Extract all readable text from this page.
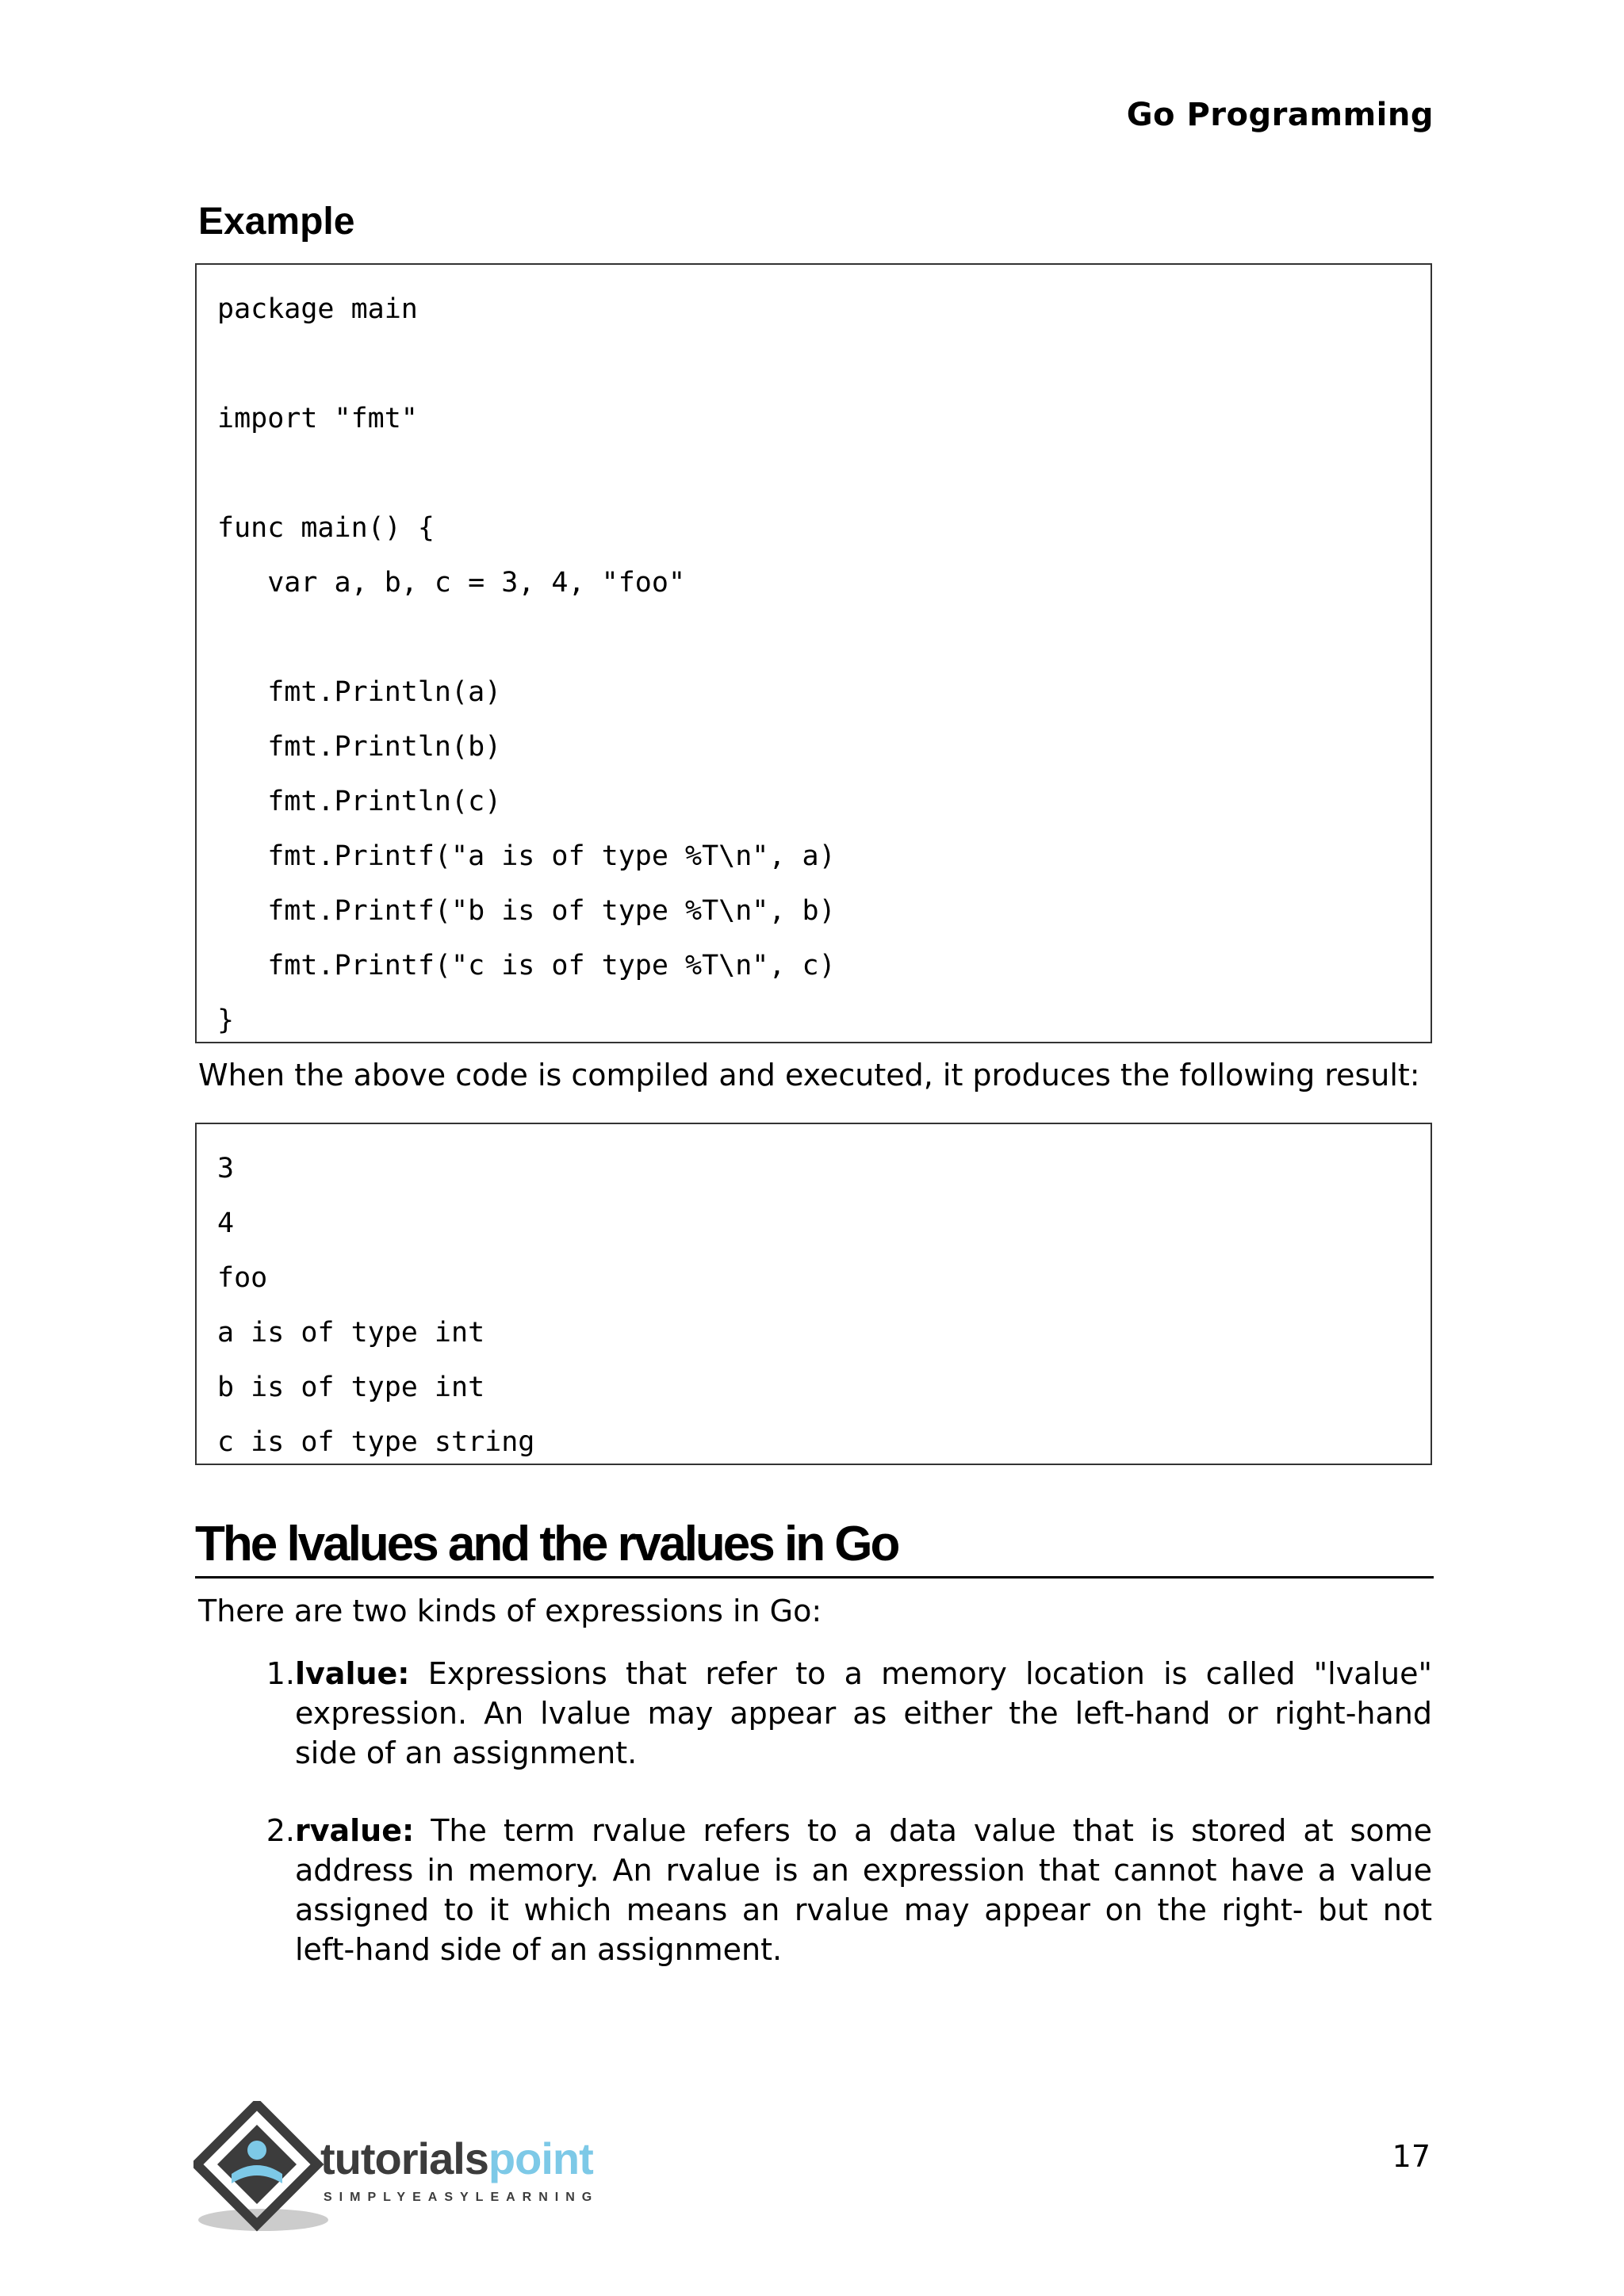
Go Programming
Example
package main
import "fmt"
func main() {
var a, b, c = 3, 4, "foo"
fmt.Println(a)
fmt.Println(b)
fmt.Println(c)
fmt.Printf("a is of type %T\n", a)
fmt.Printf("b is of type %T\n", b)
fmt.Printf("c is of type %T\n", c)
}
When the above code is compiled and executed, it produces the following result:
3
4
foo
a is of type int
b is of type int
c is of type string
The lvalues and the rvalues in Go
There are two kinds of expressions in Go:
1. lvalue: Expressions that refer to a memory location is called "lvalue" expression. An lvalue may appear as either the left-hand or right-hand side of an assignment.
2. rvalue: The term rvalue refers to a data value that is stored at some address in memory. An rvalue is an expression that cannot have a value assigned to it which means an rvalue may appear on the right- but not left-hand side of an assignment.
tutorialspoint
SIMPLYEASYLEARNING
17
